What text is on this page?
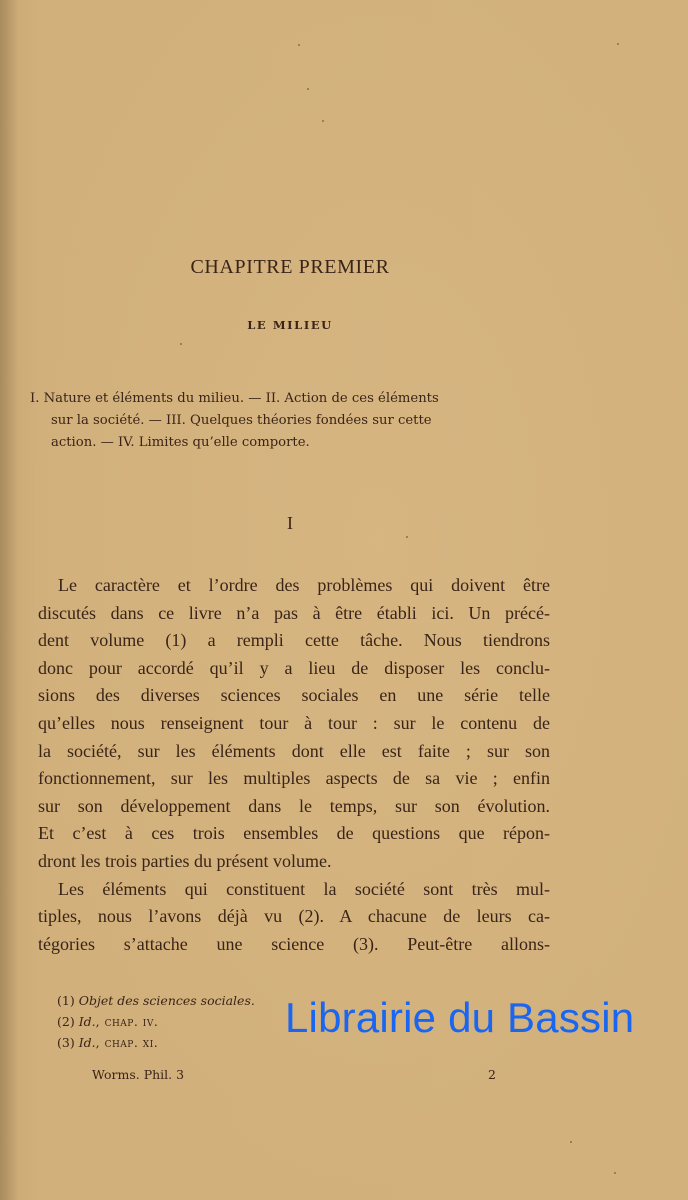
CHAPITRE PREMIER
LE MILIEU
I. Nature et éléments du milieu. — II. Action de ces éléments
sur la société. — III. Quelques théories fondées sur cette
action. — IV. Limites qu’elle comporte.
I
Le caractère et l’ordre des problèmes qui doivent être
discutés dans ce livre n’a pas à être établi ici. Un précé-
dent volume (1) a rempli cette tâche. Nous tiendrons
donc pour accordé qu’il y a lieu de disposer les conclu-
sions des diverses sciences sociales en une série telle
qu’elles nous renseignent tour à tour : sur le contenu de
la société, sur les éléments dont elle est faite ; sur son
fonctionnement, sur les multiples aspects de sa vie ; enfin
sur son développement dans le temps, sur son évolution.
Et c’est à ces trois ensembles de questions que répon-
dront les trois parties du présent volume.
Les éléments qui constituent la société sont très mul-
tiples, nous l’avons déjà vu (2). A chacune de leurs ca-
tégories s’attache une science (3). Peut-être allons-
(1) Objet des sciences sociales.
(2) Id., chap. iv.
(3) Id., chap. xi.
Worms. Phil. 3	2
Librairie du Bassin
